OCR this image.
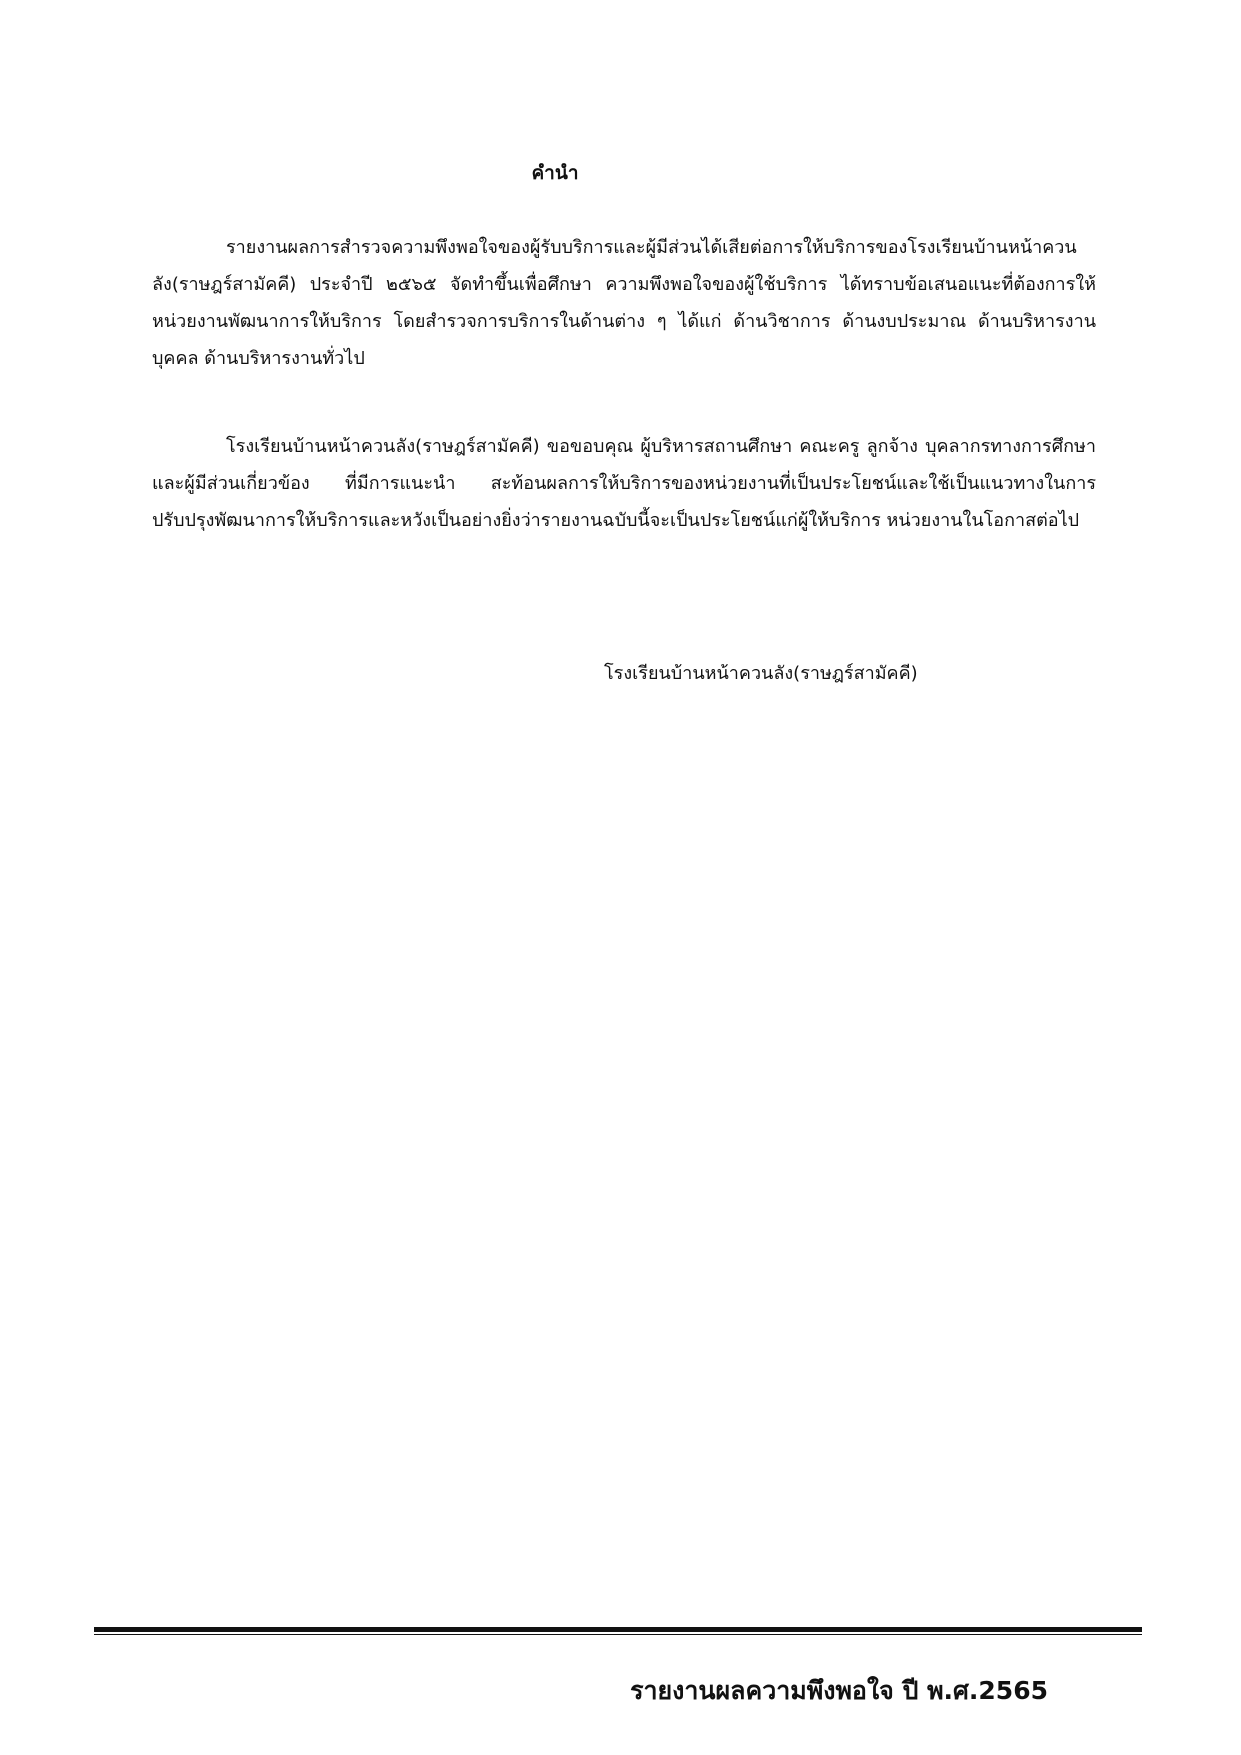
คำนำ

รายงานผลการสำรวจความพึงพอใจของผู้รับบริการและผู้มีส่วนได้เสียต่อการให้บริการของโรงเรียนบ้านหน้าควนลัง(ราษฎร์สามัคคี) ประจำปี ๒๕๖๕ จัดทำขึ้นเพื่อศึกษา ความพึงพอใจของผู้ใช้บริการ ได้ทราบข้อเสนอแนะที่ต้องการให้หน่วยงานพัฒนาการให้บริการ โดยสำรวจการบริการในด้านต่าง ๆ ได้แก่ ด้านวิชาการ ด้านงบประมาณ ด้านบริหารงานบุคคล ด้านบริหารงานทั่วไป

โรงเรียนบ้านหน้าควนลัง(ราษฎร์สามัคคี) ขอขอบคุณ ผู้บริหารสถานศึกษา คณะครู ลูกจ้าง บุคลากรทางการศึกษา และผู้มีส่วนเกี่ยวข้อง ที่มีการแนะนำ สะท้อนผลการให้บริการของหน่วยงานที่เป็นประโยชน์และใช้เป็นแนวทางในการปรับปรุงพัฒนาการให้บริการและหวังเป็นอย่างยิ่งว่ารายงานฉบับนี้จะเป็นประโยชน์แก่ผู้ให้บริการ หน่วยงานในโอกาสต่อไป

โรงเรียนบ้านหน้าควนลัง(ราษฎร์สามัคคี)
รายงานผลความพึงพอใจ ปี พ.ศ.2565
